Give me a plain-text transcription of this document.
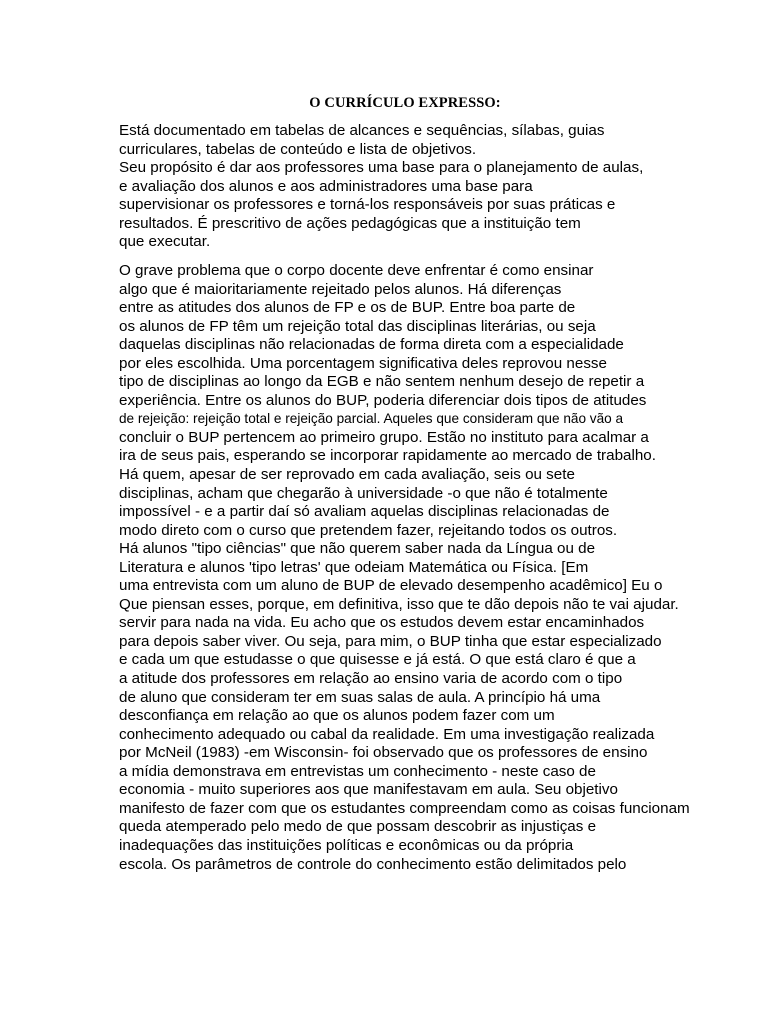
O CURRÍCULO EXPRESSO:
Está documentado em tabelas de alcances e sequências, sílabas, guias
curriculares, tabelas de conteúdo e lista de objetivos.
Seu propósito é dar aos professores uma base para o planejamento de aulas,
e avaliação dos alunos e aos administradores uma base para
supervisionar os professores e torná-los responsáveis por suas práticas e
resultados. É prescritivo de ações pedagógicas que a instituição tem
que executar.
O grave problema que o corpo docente deve enfrentar é como ensinar
algo que é maioritariamente rejeitado pelos alunos. Há diferenças
entre as atitudes dos alunos de FP e os de BUP. Entre boa parte de
os alunos de FP têm um rejeição total das disciplinas literárias, ou seja
daquelas disciplinas não relacionadas de forma direta com a especialidade
por eles escolhida. Uma porcentagem significativa deles reprovou nesse
tipo de disciplinas ao longo da EGB e não sentem nenhum desejo de repetir a
experiência. Entre os alunos do BUP, poderia diferenciar dois tipos de atitudes
de rejeição: rejeição total e rejeição parcial. Aqueles que consideram que não vão a
concluir o BUP pertencem ao primeiro grupo. Estão no instituto para acalmar a
ira de seus pais, esperando se incorporar rapidamente ao mercado de trabalho.
Há quem, apesar de ser reprovado em cada avaliação, seis ou sete
disciplinas, acham que chegarão à universidade -o que não é totalmente
impossível - e a partir daí só avaliam aquelas disciplinas relacionadas de
modo direto com o curso que pretendem fazer, rejeitando todos os outros.
Há alunos "tipo ciências" que não querem saber nada da Língua ou de
Literatura e alunos 'tipo letras' que odeiam Matemática ou Física. [Em
uma entrevista com um aluno de BUP de elevado desempenho acadêmico] Eu o
Que piensan esses, porque, em definitiva, isso que te dão depois não te vai ajudar.
servir para nada na vida. Eu acho que os estudos devem estar encaminhados
para depois saber viver. Ou seja, para mim, o BUP tinha que estar especializado
e cada um que estudasse o que quisesse e já está. O que está claro é que a
a atitude dos professores em relação ao ensino varia de acordo com o tipo
de aluno que consideram ter em suas salas de aula. A princípio há uma
desconfiança em relação ao que os alunos podem fazer com um
conhecimento adequado ou cabal da realidade. Em uma investigação realizada
por McNeil (1983) -em Wisconsin- foi observado que os professores de ensino
a mídia demonstrava em entrevistas um conhecimento - neste caso de
economia - muito superiores aos que manifestavam em aula. Seu objetivo
manifesto de fazer com que os estudantes compreendam como as coisas funcionam
queda atemperado pelo medo de que possam descobrir as injustiças e
inadequações das instituições políticas e econômicas ou da própria
escola. Os parâmetros de controle do conhecimento estão delimitados pelo
